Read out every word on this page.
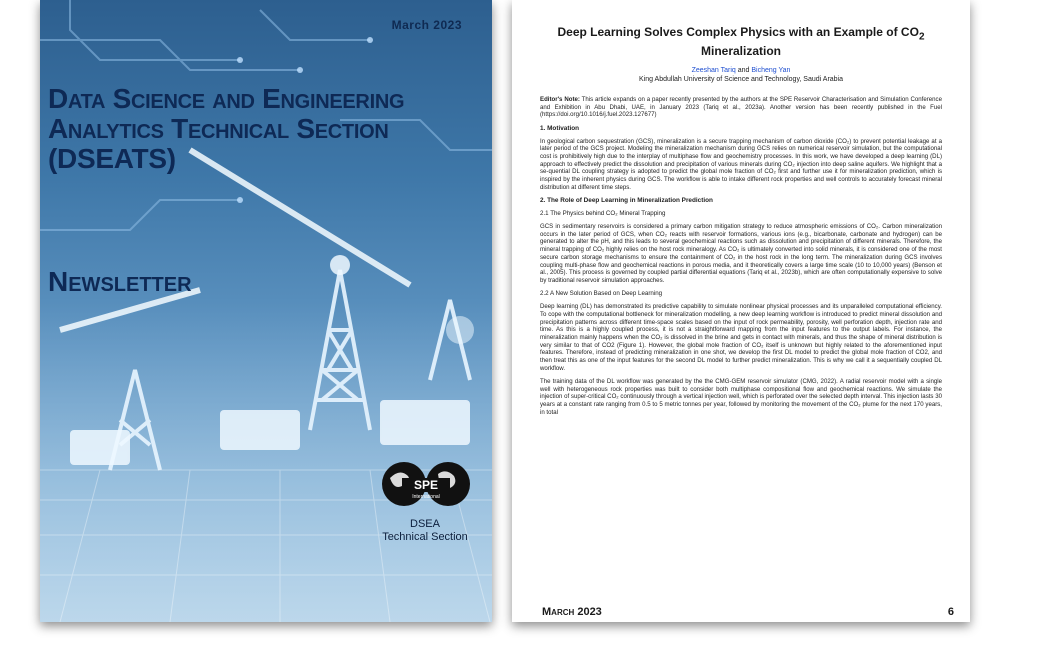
March 2023
Data Science and Engineering Analytics Technical Section (DSEATS)
Newsletter
SPE
International
DSEA
Technical Section
Deep Learning Solves Complex Physics with an Example of $CO_2$ Mineralization
Zeeshan Tariq and Bicheng Yan
King Abdullah University of Science and Technology, Saudi Arabia

Editor's Note: This article expands on a paper recently presented by the authors at the SPE Reservoir Characterisation and Simulation Conference and Exhibition in Abu Dhabi, UAE, in January 2023 (Tariq et al., 2023a). Another version has been recently published in the Fuel (https://doi.org/10.1016/j.fuel.2023.127677)

1. Motivation

In geological carbon sequestration (GCS), mineralization is a secure trapping mechanism of carbon dioxide (CO₂) to prevent potential leakage at a later period of the GCS project. Modeling the mineralization mechanism during GCS relies on numerical reservoir simulation, but the computational cost is prohibitively high due to the interplay of multiphase flow and geochemistry processes. In this work, we have developed a deep learning (DL) approach to effectively predict the dissolution and precipitation of various minerals during CO₂ injection into deep saline aquifers. We highlight that a se-quential DL coupling strategy is adopted to predict the global mole fraction of CO₂ first and further use it for mineralization prediction, which is inspired by the inherent physics during GCS. The workflow is able to intake different rock properties and well controls to accurately forecast mineral distribution at different time steps.

2. The Role of Deep Learning in Mineralization Prediction
2.1 The Physics behind CO₂ Mineral Trapping

GCS in sedimentary reservoirs is considered a primary carbon mitigation strategy to reduce atmospheric emissions of CO₂. Carbon mineralization occurs in the later period of GCS, when CO₂ reacts with reservoir formations, various ions (e.g., bicarbonate, carbonate and hydrogen) can be generated to alter the pH, and this leads to several geochemical reactions such as dissolution and precipitation of different minerals. Therefore, the mineral trapping of CO₂ highly relies on the host rock mineralogy. As CO₂ is ultimately converted into solid minerals, it is considered one of the most secure carbon storage mechanisms to ensure the containment of CO₂ in the host rock in the long term. The mineralization during GCS involves coupling multi-phase flow and geochemical reactions in porous media, and it theoretically covers a large time scale (10 to 10,000 years) (Benson et al., 2005). This process is governed by coupled partial differential equations (Tariq et al., 2023b), which are often computationally expensive to solve by traditional reservoir simulation approaches.

2.2 A New Solution Based on Deep Learning

Deep learning (DL) has demonstrated its predictive capability to simulate nonlinear physical processes and its unparalleled computational efficiency. To cope with the computational bottleneck for mineralization modelling, a new deep learning workflow is introduced to predict mineral dissolution and precipitation patterns across different time-space scales based on the input of rock permeability, porosity, well perforation depth, injection rate and time. As this is a highly coupled process, it is not a straightforward mapping from the input features to the output labels. For instance, the mineralization mainly happens when the CO₂ is dissolved in the brine and gets in contact with minerals, and thus the shape of mineral distribution is very similar to that of CO2 (Figure 1). However, the global mole fraction of CO₂ itself is unknown but highly related to the aforementioned input features. Therefore, instead of predicting mineralization in one shot, we develop the first DL model to predict the global mole fraction of CO2, and then treat this as one of the input features for the second DL model to further predict mineralization. This is why we call it a sequentially coupled DL workflow.

The training data of the DL workflow was generated by the the CMG-GEM reservoir simulator (CMG, 2022). A radial reservoir model with a single well with heterogeneous rock properties was built to consider both multiphase compositional flow and geochemical reactions. We simulate the injection of super-critical CO₂ continuously through a vertical injection well, which is perforated over the selected depth interval. This injection lasts 30 years at a constant rate ranging from 0.5 to 5 metric tonnes per year, followed by monitoring the movement of the CO₂ plume for the next 170 years, in total

March 2023	6
